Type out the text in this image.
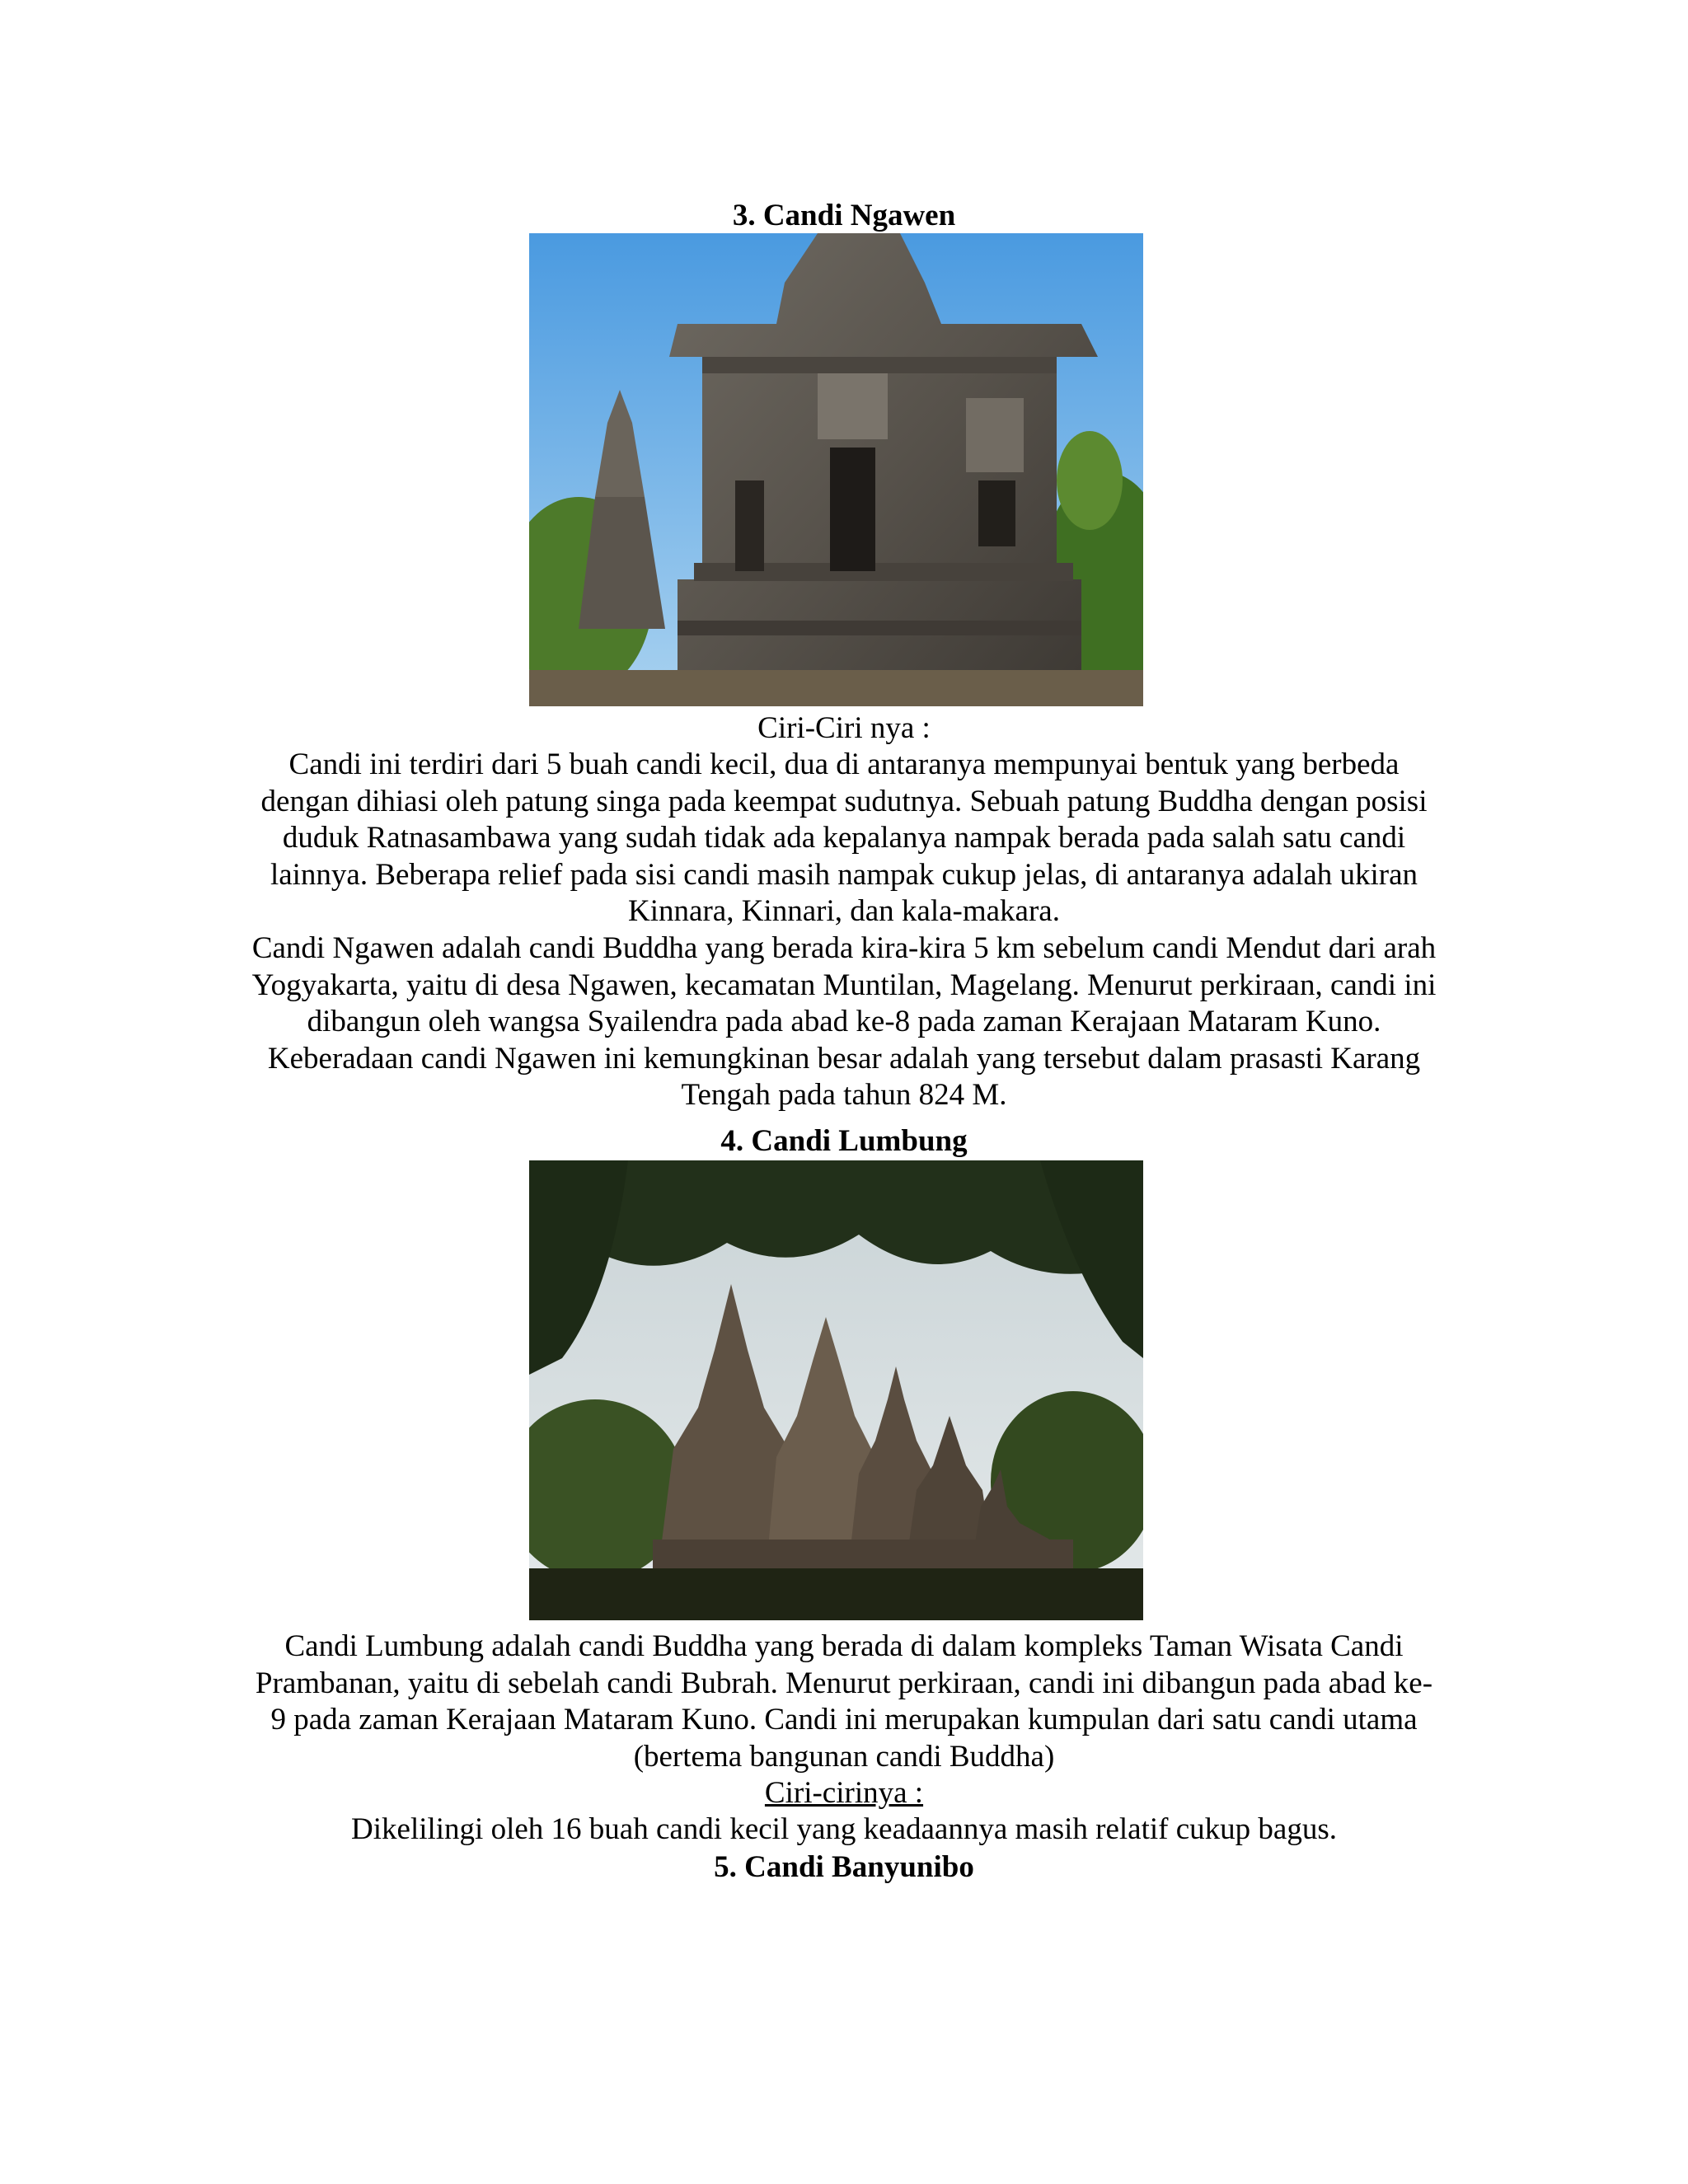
3. Candi Ngawen
Ciri-Ciri nya :
Candi ini terdiri dari 5 buah candi kecil, dua di antaranya mempunyai bentuk yang berbeda
dengan dihiasi oleh patung singa pada keempat sudutnya. Sebuah patung Buddha dengan posisi
duduk Ratnasambawa yang sudah tidak ada kepalanya nampak berada pada salah satu candi
lainnya. Beberapa relief pada sisi candi masih nampak cukup jelas, di antaranya adalah ukiran
Kinnara, Kinnari, dan kala-makara.
Candi Ngawen adalah candi Buddha yang berada kira-kira 5 km sebelum candi Mendut dari arah
Yogyakarta, yaitu di desa Ngawen, kecamatan Muntilan, Magelang. Menurut perkiraan, candi ini
dibangun oleh wangsa Syailendra pada abad ke-8 pada zaman Kerajaan Mataram Kuno.
Keberadaan candi Ngawen ini kemungkinan besar adalah yang tersebut dalam prasasti Karang
Tengah pada tahun 824 M.
4. Candi Lumbung
Candi Lumbung adalah candi Buddha yang berada di dalam kompleks Taman Wisata Candi
Prambanan, yaitu di sebelah candi Bubrah. Menurut perkiraan, candi ini dibangun pada abad ke-
9 pada zaman Kerajaan Mataram Kuno. Candi ini merupakan kumpulan dari satu candi utama
(bertema bangunan candi Buddha)
Ciri-cirinya :
Dikelilingi oleh 16 buah candi kecil yang keadaannya masih relatif cukup bagus.
5. Candi Banyunibo
